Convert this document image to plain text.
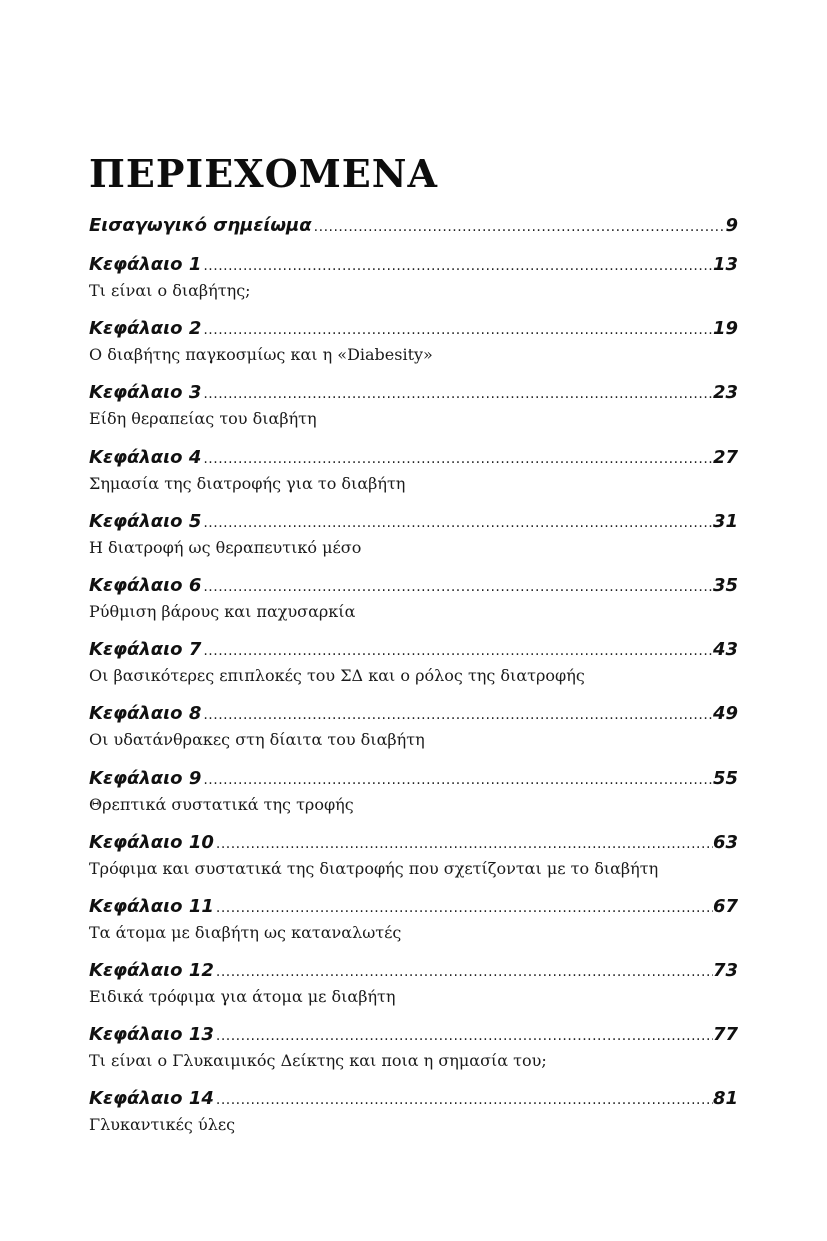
ΠΕΡΙΕΧΟΜΕΝΑ
Εισαγωγικό σημείωμα .....	9
Κεφάλαιο 1 .....	13
Τι είναι ο διαβήτης;
Κεφάλαιο 2 .....	19
Ο διαβήτης παγκοσμίως και η «Diabesity»
Κεφάλαιο 3 .....	23
Είδη θεραπείας του διαβήτη
Κεφάλαιο 4 .....	27
Σημασία της διατροφής για το διαβήτη
Κεφάλαιο 5 .....	31
Η διατροφή ως θεραπευτικό μέσο
Κεφάλαιο 6 .....	35
Ρύθμιση βάρους και παχυσαρκία
Κεφάλαιο 7 .....	43
Οι βασικότερες επιπλοκές του ΣΔ και ο ρόλος της διατροφής
Κεφάλαιο 8 .....	49
Οι υδατάνθρακες στη δίαιτα του διαβήτη
Κεφάλαιο 9 .....	55
Θρεπτικά συστατικά της τροφής
Κεφάλαιο 10 .....	63
Τρόφιμα και συστατικά της διατροφής που σχετίζονται με το διαβήτη
Κεφάλαιο 11 .....	67
Τα άτομα με διαβήτη ως καταναλωτές
Κεφάλαιο 12 .....	73
Ειδικά τρόφιμα για άτομα με διαβήτη
Κεφάλαιο 13 .....	77
Τι είναι ο Γλυκαιμικός Δείκτης και ποια η σημασία του;
Κεφάλαιο 14 .....	81
Γλυκαντικές ύλες
